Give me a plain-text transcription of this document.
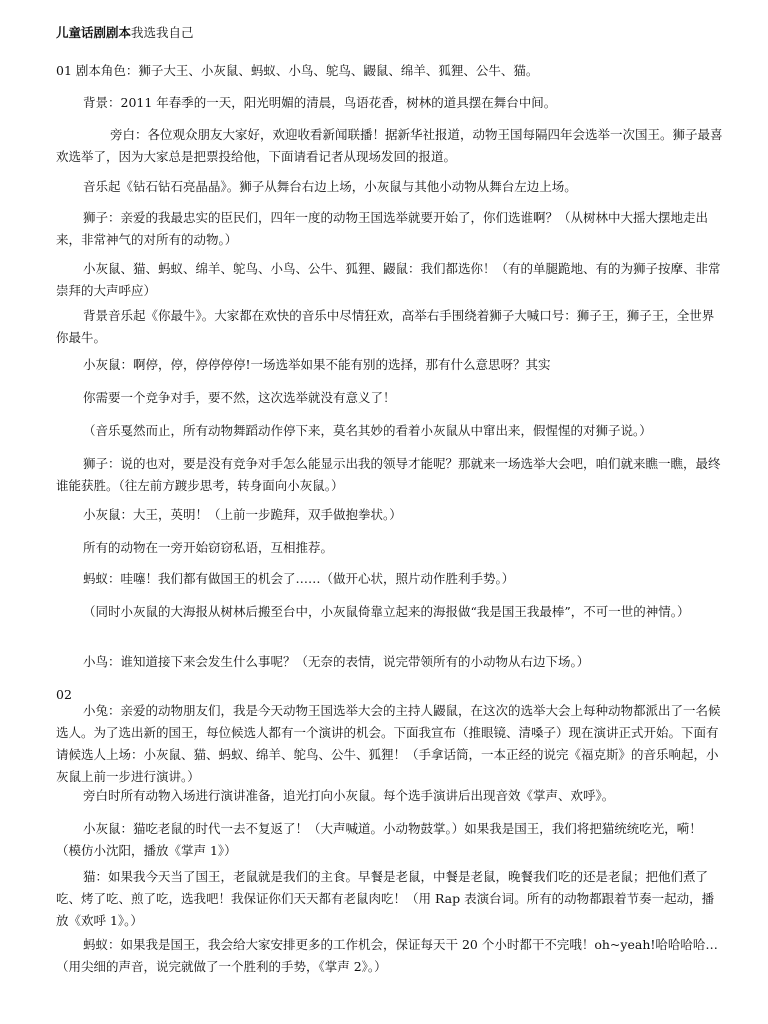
儿童话剧剧本我选我自己
01 剧本角色：狮子大王、小灰鼠、蚂蚁、小鸟、鸵鸟、鼹鼠、绵羊、狐狸、公牛、猫。
背景：2011 年春季的一天，阳光明媚的清晨，鸟语花香，树林的道具摆在舞台中间。
旁白：各位观众朋友大家好，欢迎收看新闻联播！据新华社报道，动物王国每隔四年会选举一次国王。狮子最喜欢选举了，因为大家总是把票投给他，下面请看记者从现场发回的报道。
音乐起《钻石钻石亮晶晶》。狮子从舞台右边上场，小灰鼠与其他小动物从舞台左边上场。
狮子：亲爱的我最忠实的臣民们，四年一度的动物王国选举就要开始了，你们选谁啊？（从树林中大摇大摆地走出来，非常神气的对所有的动物。）
小灰鼠、猫、蚂蚁、绵羊、鸵鸟、小鸟、公牛、狐狸、鼹鼠：我们都选你！（有的单腿跪地、有的为狮子按摩、非常崇拜的大声呼应）
背景音乐起《你最牛》。大家都在欢快的音乐中尽情狂欢，高举右手围绕着狮子大喊口号：狮子王，狮子王，全世界你最牛。
小灰鼠：啊停，停，停停停停!一场选举如果不能有别的选择，那有什么意思呀？其实
你需要一个竞争对手，要不然，这次选举就没有意义了！
（音乐戛然而止，所有动物舞蹈动作停下来，莫名其妙的看着小灰鼠从中窜出来，假惺惺的对狮子说。）
狮子：说的也对，要是没有竞争对手怎么能显示出我的领导才能呢？那就来一场选举大会吧，咱们就来瞧一瞧，最终谁能获胜。（往左前方踱步思考，转身面向小灰鼠。）
小灰鼠：大王，英明！（上前一步跪拜，双手做抱拳状。）
所有的动物在一旁开始窃窃私语，互相推荐。
蚂蚁：哇噻！我们都有做国王的机会了……（做开心状，照片动作胜利手势。）
（同时小灰鼠的大海报从树林后搬至台中，小灰鼠倚靠立起来的海报做“我是国王我最棒”，不可一世的神情。）
小鸟：谁知道接下来会发生什么事呢？（无奈的表情，说完带领所有的小动物从右边下场。）
02
小兔：亲爱的动物朋友们，我是今天动物王国选举大会的主持人鼹鼠，在这次的选举大会上每种动物都派出了一名候选人。为了选出新的国王，每位候选人都有一个演讲的机会。下面我宣布（推眼镜、清嗓子）现在演讲正式开始。下面有请候选人上场：小灰鼠、猫、蚂蚁、绵羊、鸵鸟、公牛、狐狸！（手拿话筒，一本正经的说完《福克斯》的音乐响起，小灰鼠上前一步进行演讲。）
旁白时所有动物入场进行演讲准备，追光打向小灰鼠。每个选手演讲后出现音效《掌声、欢呼》。
小灰鼠：猫吃老鼠的时代一去不复返了！（大声喊道。小动物鼓掌。）如果我是国王，我们将把猫统统吃光，嗬！（模仿小沈阳，播放《掌声 1》）
猫：如果我今天当了国王，老鼠就是我们的主食。早餐是老鼠，中餐是老鼠，晚餐我们吃的还是老鼠；把他们煮了吃、烤了吃、煎了吃，选我吧！我保证你们天天都有老鼠肉吃！（用 Rap 表演台词。所有的动物都跟着节奏一起动，播放《欢呼 1》。）
蚂蚁：如果我是国王，我会给大家安排更多的工作机会，保证每天干 20 个小时都干不完哦！oh~yeah!哈哈哈哈…（用尖细的声音，说完就做了一个胜利的手势，《掌声 2》。）
